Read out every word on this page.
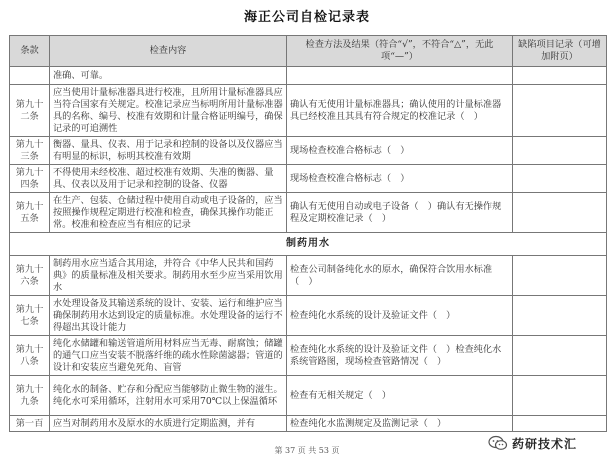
海正公司自检记录表
条款	检查内容	检查方法及结果（符合“√”，不符合“△”，无此项“—”）	缺陷项目记录（可增加附页）
	准确、可靠。		
第九十二条	应当使用计量标准器具进行校准，且所用计量标准器具应当符合国家有关规定。校准记录应当标明所用计量标准器具的名称、编号、校准有效期和计量合格证明编号，确保记录的可追溯性	确认有无使用计量标准器具；确认使用的计量标准器具已经校准且其具有符合规定的校准记录（　）	
第九十三条	衡器、量具、仪表、用于记录和控制的设备以及仪器应当有明显的标识，标明其校准有效期	现场检查校准合格标志（　）	
第九十四条	不得使用未经校准、超过校准有效期、失准的衡器、量具、仪表以及用于记录和控制的设备、仪器	现场检查校准合格标志（　）	
第九十五条	在生产、包装、仓储过程中使用自动或电子设备的，应当按照操作规程定期进行校准和检查，确保其操作功能正常。校准和检查应当有相应的记录	确认有无使用自动或电子设备（　）确认有无操作规程及定期校准记录（　）	
制药用水			
第九十六条	制药用水应当适合其用途，并符合《中华人民共和国药典》的质量标准及相关要求。制药用水至少应当采用饮用水	检查公司制备纯化水的原水，确保符合饮用水标准（　）	
第九十七条	水处理设备及其输送系统的设计、安装、运行和维护应当确保制药用水达到设定的质量标准。水处理设备的运行不得超出其设计能力	检查纯化水系统的设计及验证文件（　）	
第九十八条	纯化水储罐和输送管道所用材料应当无毒、耐腐蚀；储罐的通气口应当安装不脱落纤维的疏水性除菌滤器；管道的设计和安装应当避免死角、盲管	检查纯化水系统的设计及验证文件（　）检查纯化水系统管路图，现场检查管路情况（　）	
第九十九条	纯化水的制备、贮存和分配应当能够防止微生物的滋生。纯化水可采用循环，注射用水可采用70℃以上保温循环	检查有无相关规定（　）	
第一百	应当对制药用水及原水的水质进行定期监测，并有	检查纯化水监测规定及监测记录（　）	
第 37 页 共 53 页	药研技术汇
